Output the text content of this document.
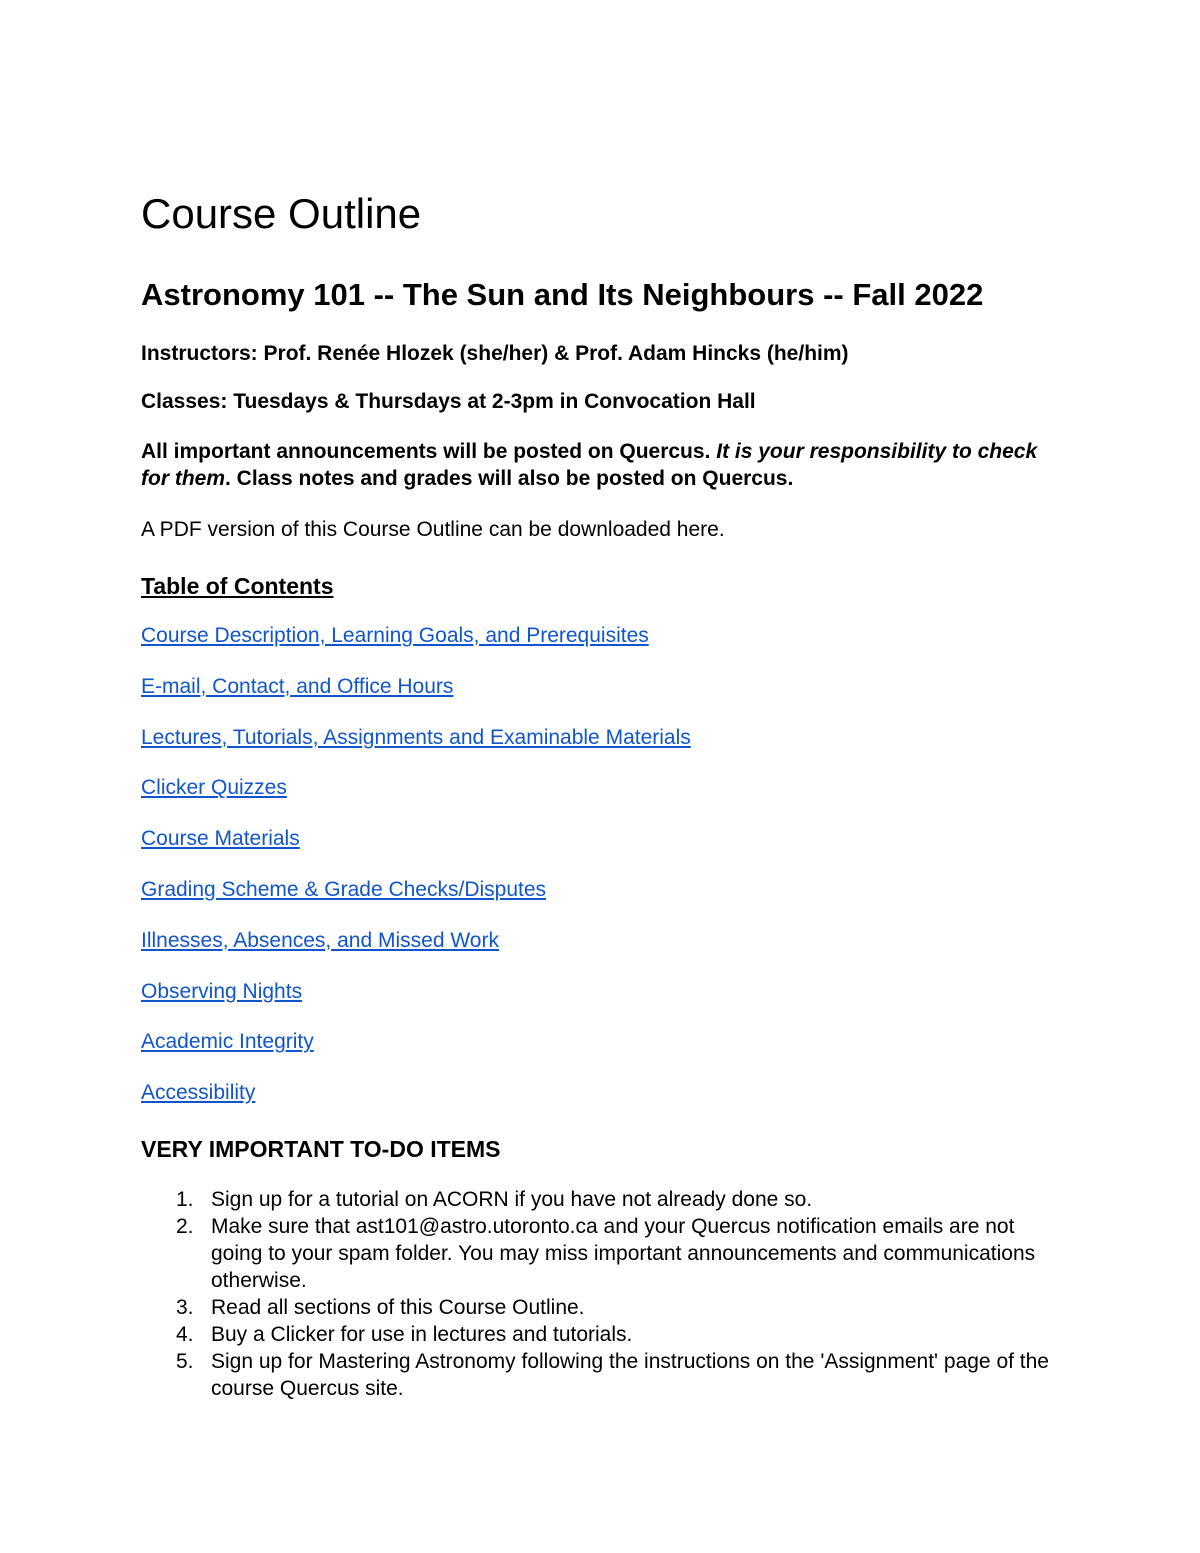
Course Outline
Astronomy 101 -- The Sun and Its Neighbours -- Fall 2022

Instructors: Prof. Renée Hlozek (she/her) & Prof. Adam Hincks (he/him)

Classes: Tuesdays & Thursdays at 2-3pm in Convocation Hall

All important announcements will be posted on Quercus. It is your responsibility to check for them. Class notes and grades will also be posted on Quercus.

A PDF version of this Course Outline can be downloaded here.

Table of Contents
Course Description, Learning Goals, and Prerequisites
E-mail, Contact, and Office Hours
Lectures, Tutorials, Assignments and Examinable Materials
Clicker Quizzes
Course Materials
Grading Scheme & Grade Checks/Disputes
Illnesses, Absences, and Missed Work
Observing Nights
Academic Integrity
Accessibility
VERY IMPORTANT TO-DO ITEMS
1. Sign up for a tutorial on ACORN if you have not already done so.
2. Make sure that ast101@astro.utoronto.ca and your Quercus notification emails are not going to your spam folder. You may miss important announcements and communications otherwise.
3. Read all sections of this Course Outline.
4. Buy a Clicker for use in lectures and tutorials.
5. Sign up for Mastering Astronomy following the instructions on the 'Assignment' page of the course Quercus site.
